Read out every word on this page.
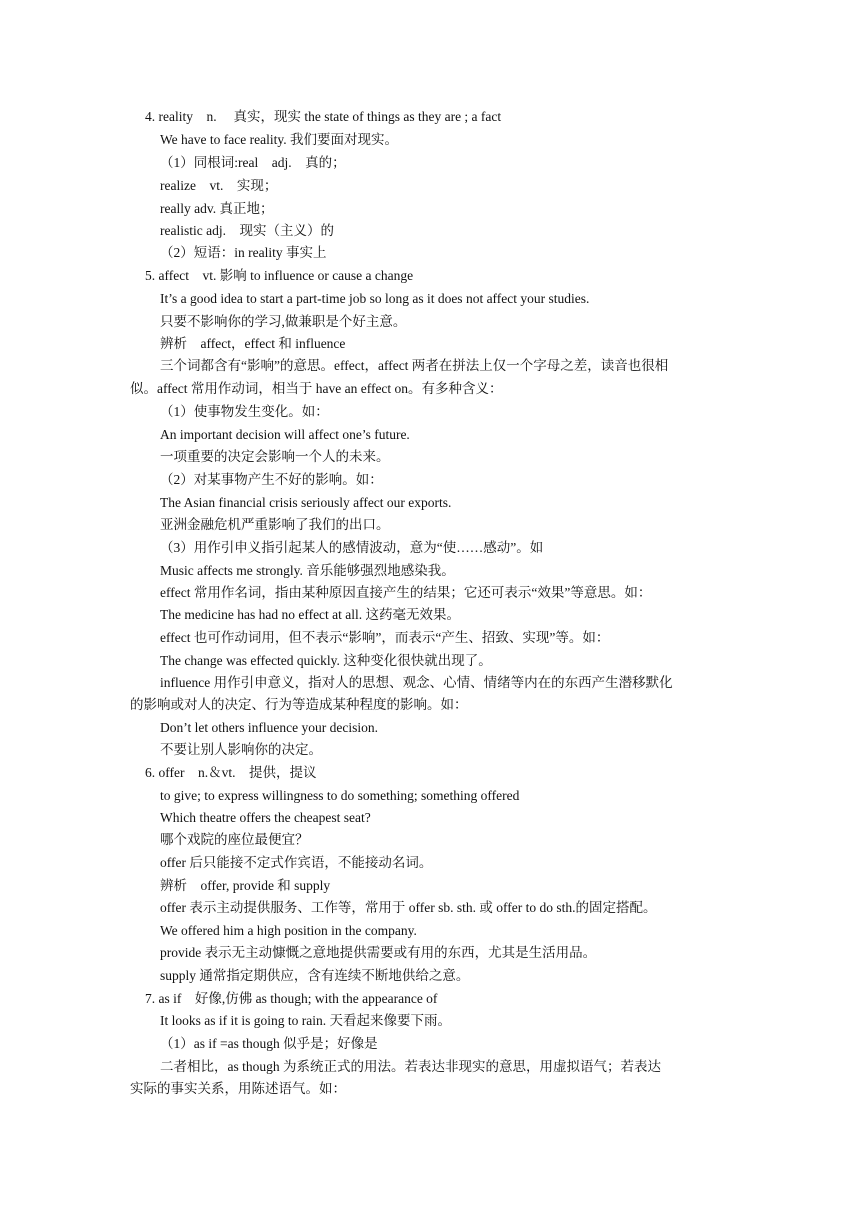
4. reality　n.　 真实，现实 the state of things as they are ; a fact
We have to face reality. 我们要面对现实。
（1）同根词:real　adj.　真的；
realize　vt.　实现；
really adv. 真正地；
realistic adj.　现实（主义）的
（2）短语：in reality 事实上
5. affect　vt. 影响 to influence or cause a change
It’s a good idea to start a part-time job so long as it does not affect your studies.
只要不影响你的学习,做兼职是个好主意。
辨析　affect，effect 和 influence
三个词都含有“影响”的意思。effect，affect 两者在拼法上仅一个字母之差，读音也很相
似。affect 常用作动词，相当于 have an effect on。有多种含义：
（1）使事物发生变化。如：
An important decision will affect one’s future.
一项重要的决定会影响一个人的未来。
（2）对某事物产生不好的影响。如：
The Asian financial crisis seriously affect our exports.
亚洲金融危机严重影响了我们的出口。
（3）用作引申义指引起某人的感情波动，意为“使……感动”。如
Music affects me strongly. 音乐能够强烈地感染我。
effect 常用作名词，指由某种原因直接产生的结果；它还可表示“效果”等意思。如：
The medicine has had no effect at all. 这药毫无效果。
effect 也可作动词用，但不表示“影响”，而表示“产生、招致、实现”等。如：
The change was effected quickly. 这种变化很快就出现了。
influence 用作引申意义，指对人的思想、观念、心情、情绪等内在的东西产生潜移默化
的影响或对人的决定、行为等造成某种程度的影响。如：
Don’t let others influence your decision.
不要让别人影响你的决定。
6. offer　n.＆vt.　提供，提议
to give; to express willingness to do something; something offered
Which theatre offers the cheapest seat?
哪个戏院的座位最便宜？
offer 后只能接不定式作宾语，不能接动名词。
辨析　offer, provide 和 supply
offer 表示主动提供服务、工作等，常用于 offer sb. sth. 或 offer to do sth.的固定搭配。
We offered him a high position in the company.
provide 表示无主动慷慨之意地提供需要或有用的东西，尤其是生活用品。
supply 通常指定期供应，含有连续不断地供给之意。
7. as if　好像,仿佛 as though; with the appearance of
It looks as if it is going to rain. 天看起来像要下雨。
（1）as if =as though 似乎是；好像是
二者相比，as though 为系统正式的用法。若表达非现实的意思，用虚拟语气；若表达
实际的事实关系，用陈述语气。如：
